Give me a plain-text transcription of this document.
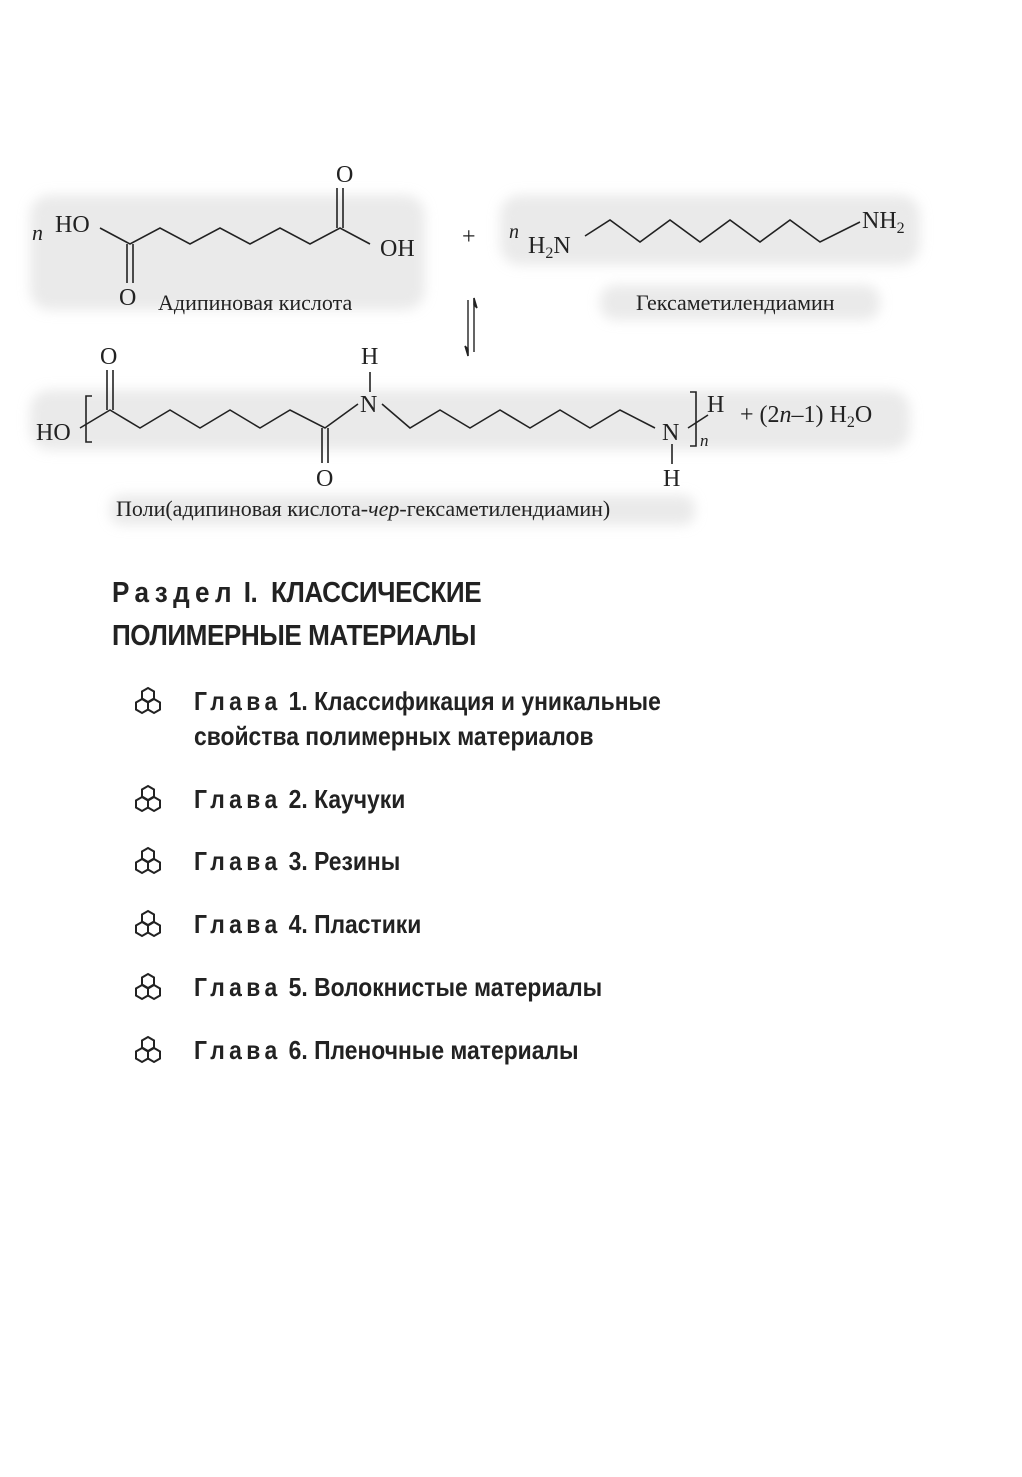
n HO
O
OH
O Адипиновая кислота
+ n
$H_2N$
$NH_2$
Гексаметилендиамин
O	H
N
HO
O
N
H
H
n
+ (2n–1) $H_2O$
Поли(адипиновая кислота-чер-гексаметилендиамин)
Раздел I. КЛАССИЧЕСКИЕ
ПОЛИМЕРНЫЕ МАТЕРИАЛЫ
Глава 1. Классификация и уникальные
свойства полимерных материалов
Глава 2. Каучуки
Глава 3. Резины
Глава 4. Пластики
Глава 5. Волокнистые материалы
Глава 6. Пленочные материалы
